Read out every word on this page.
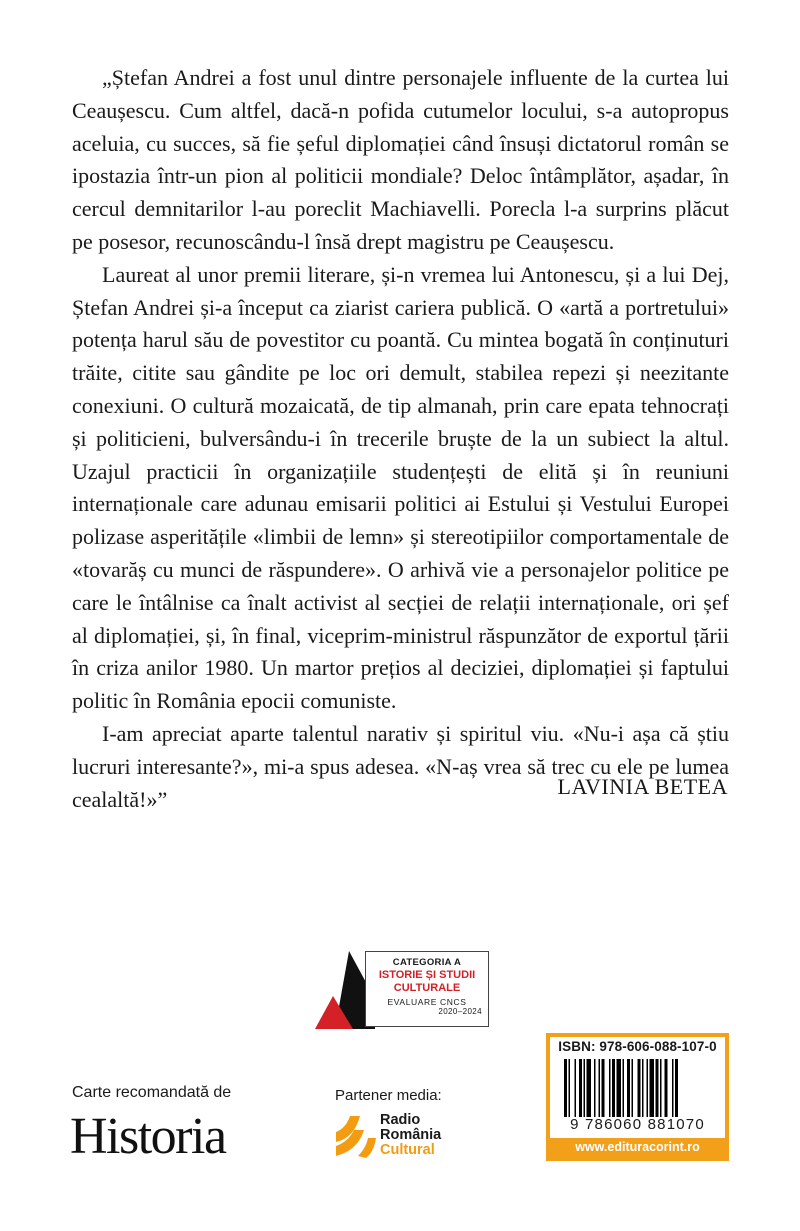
„Ștefan Andrei a fost unul dintre personajele influente de la curtea lui Ceaușescu. Cum altfel, dacă-n pofida cutumelor locului, s-a autopropus aceluia, cu succes, să fie șeful diplomației când însuși dictatorul român se ipostazia într-un pion al politicii mondiale? Deloc întâmplător, așadar, în cercul demnitarilor l-au poreclit Machiavelli. Porecla l-a surprins plăcut pe posesor, recunoscându-l însă drept magistru pe Ceaușescu.

Laureat al unor premii literare, și-n vremea lui Antonescu, și a lui Dej, Ștefan Andrei și-a început ca ziarist cariera publică. O «artă a portretului» potența harul său de povestitor cu poantă. Cu mintea bogată în conținuturi trăite, citite sau gândite pe loc ori demult, stabilea repezi și neezitante conexiuni. O cultură mozaicată, de tip almanah, prin care epata tehnocrați și politicieni, bulversându-i în trecerile bruște de la un subiect la altul. Uzajul practicii în organizațiile studențești de elită și în reuniuni internaționale care adunau emisarii politici ai Estului și Vestului Europei polizase asperitățile «limbii de lemn» și stereotipiilor comportamentale de «tovarăș cu munci de răspundere». O arhivă vie a personajelor politice pe care le întâlnise ca înalt activist al secției de relații internaționale, ori șef al diplomației, și, în final, viceprim-ministrul răspunzător de exportul țării în criza anilor 1980. Un martor prețios al deciziei, diplomației și faptului politic în România epocii comuniste.

I-am apreciat aparte talentul narativ și spiritul viu. «Nu-i așa că știu lucruri interesante?», mi-a spus adesea. «N-aș vrea să trec cu ele pe lumea cealaltă!»”

LAVINIA BETEA
CATEGORIA A
ISTORIE ȘI STUDII
CULTURALE
EVALUARE CNCS
2020–2024
Carte recomandată de
Historia
Partener media:
Radio
România
Cultural
ISBN: 978-606-088-107-0
9 786060 881070
www.edituracorint.ro
